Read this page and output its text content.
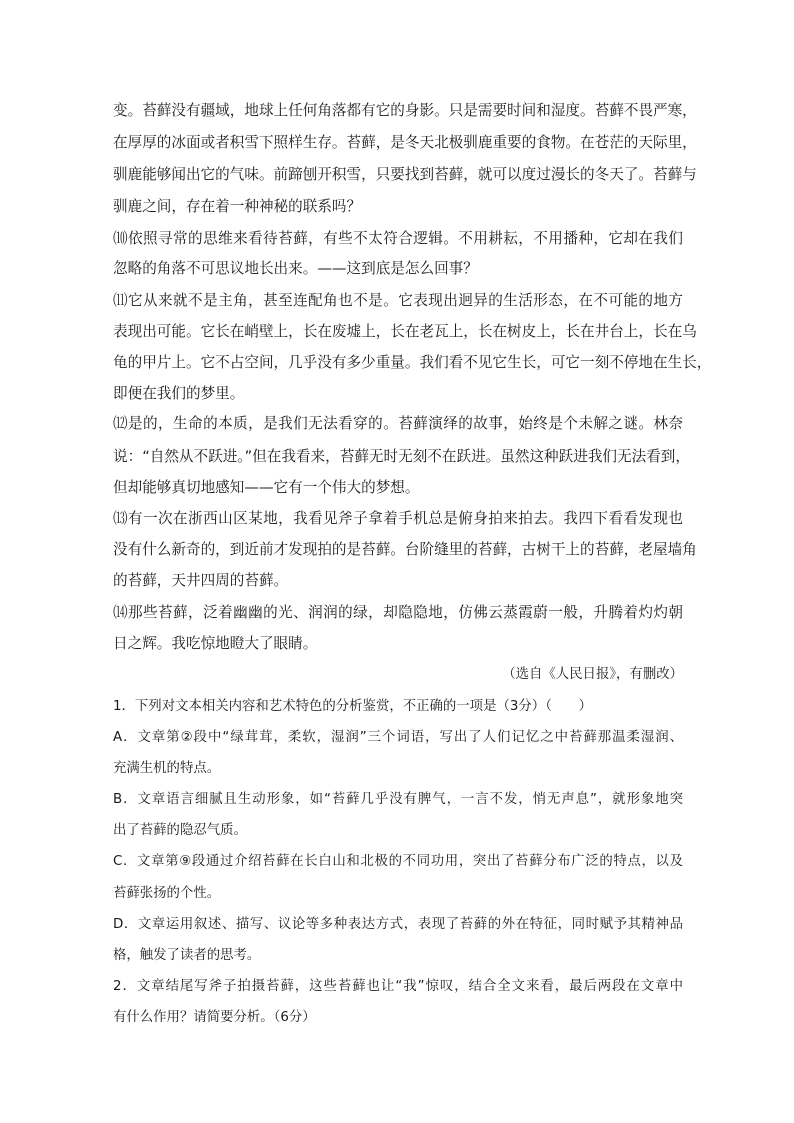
变。苔藓没有疆域，地球上任何角落都有它的身影。只是需要时间和湿度。苔藓不畏严寒，
在厚厚的冰面或者积雪下照样生存。苔藓，是冬天北极驯鹿重要的食物。在苍茫的天际里，
驯鹿能够闻出它的气味。前蹄刨开积雪，只要找到苔藓，就可以度过漫长的冬天了。苔藓与
驯鹿之间，存在着一种神秘的联系吗？
⑽依照寻常的思维来看待苔藓，有些不太符合逻辑。不用耕耘，不用播种，它却在我们
忽略的角落不可思议地长出来。——这到底是怎么回事？
⑾它从来就不是主角，甚至连配角也不是。它表现出迥异的生活形态，在不可能的地方
表现出可能。它长在峭壁上，长在废墟上，长在老瓦上，长在树皮上，长在井台上，长在乌
龟的甲片上。它不占空间，几乎没有多少重量。我们看不见它生长，可它一刻不停地在生长，
即便在我们的梦里。
⑿是的，生命的本质，是我们无法看穿的。苔藓演绎的故事，始终是个未解之谜。林奈
说：“自然从不跃进。”但在我看来，苔藓无时无刻不在跃进。虽然这种跃进我们无法看到，
但却能够真切地感知——它有一个伟大的梦想。
⒀有一次在浙西山区某地，我看见斧子拿着手机总是俯身拍来拍去。我四下看看发现也
没有什么新奇的，到近前才发现拍的是苔藓。台阶缝里的苔藓，古树干上的苔藓，老屋墙角
的苔藓，天井四周的苔藓。
⒁那些苔藓，泛着幽幽的光、润润的绿，却隐隐地，仿佛云蒸霞蔚一般，升腾着灼灼朝
日之辉。我吃惊地瞪大了眼睛。
（选自《人民日报》，有删改）
1．下列对文本相关内容和艺术特色的分析鉴赏，不正确的一项是（3分）（　　）
A．文章第②段中“绿茸茸，柔软，湿润”三个词语，写出了人们记忆之中苔藓那温柔湿润、
充满生机的特点。
B．文章语言细腻且生动形象，如“苔藓几乎没有脾气，一言不发，悄无声息”，就形象地突
出了苔藓的隐忍气质。
C．文章第⑨段通过介绍苔藓在长白山和北极的不同功用，突出了苔藓分布广泛的特点，以及
苔藓张扬的个性。
D．文章运用叙述、描写、议论等多种表达方式，表现了苔藓的外在特征，同时赋予其精神品
格，触发了读者的思考。
2．文章结尾写斧子拍摄苔藓，这些苔藓也让“我”惊叹，结合全文来看，最后两段在文章中
有什么作用？请简要分析。（6分）
